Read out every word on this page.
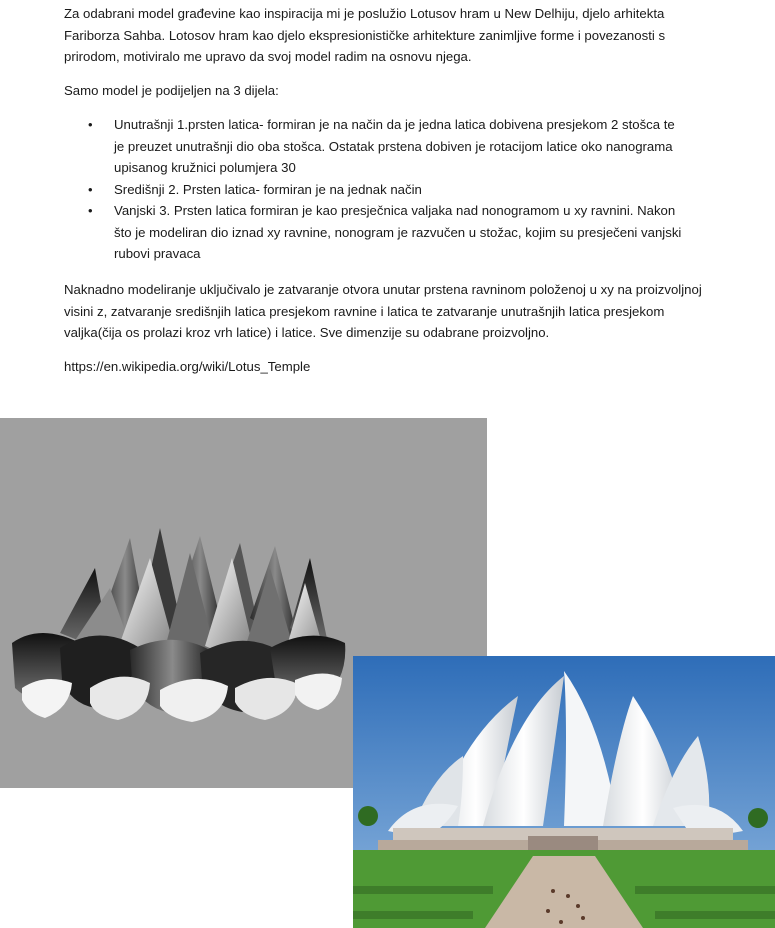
Za odabrani model građevine kao inspiracija mi je poslužio Lotusov hram u New Delhiju, djelo arhitekta Fariborza Sahba. Lotosov hram kao djelo ekspresionističke arhitekture zanimljive forme i povezanosti s prirodom, motiviralo me upravo da svoj model radim na osnovu njega.

Samo model je podijeljen na 3 dijela:

• Unutrašnji 1.prsten latica- formiran je na način da je jedna latica dobivena presjekom 2 stošca te je preuzet unutrašnji dio oba stošca. Ostatak prstena dobiven je rotacijom latice oko nanograma upisanog kružnici polumjera 30
• Središnji 2. Prsten latica- formiran je na jednak način
• Vanjski 3. Prsten latica formiran je kao presječnica valjaka nad nonogramom u xy ravnini. Nakon što je modeliran dio iznad xy ravnine, nonogram je razvučen u stožac, kojim su presječeni vanjski rubovi pravaca

Naknadno modeliranje uključivalo je zatvaranje otvora unutar prstena ravninom položenoj u xy na proizvoljnoj visini z, zatvaranje središnjih latica presjekom ravnine i latica te zatvaranje unutrašnjih latica presjekom valjka(čija os prolazi kroz vrh latice) i latice. Sve dimenzije su odabrane proizvoljno.

https://en.wikipedia.org/wiki/Lotus_Temple
